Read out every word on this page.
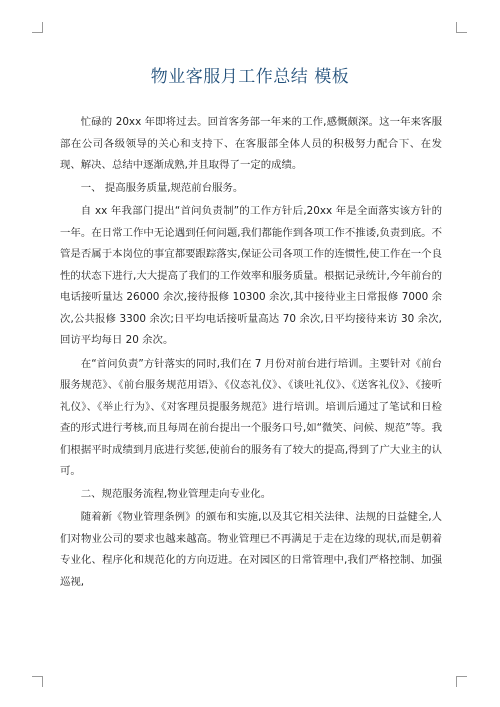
物业客服月工作总结 模板

忙碌的 20xx 年即将过去。回首客务部一年来的工作,感慨颇深。这一年来客服部在公司各级领导的关心和支持下、在客服部全体人员的积极努力配合下、在发现、解决、总结中逐渐成熟,并且取得了一定的成绩。

一、 提高服务质量,规范前台服务。

自 xx 年我部门提出“首问负责制”的工作方针后,20xx 年是全面落实该方针的一年。在日常工作中无论遇到任何问题,我们都能作到各项工作不推诿,负责到底。不管是否属于本岗位的事宜都要跟踪落实,保证公司各项工作的连惯性,使工作在一个良性的状态下进行,大大提高了我们的工作效率和服务质量。根据记录统计,今年前台的电话接听量达 26000 余次,接待报修 10300 余次,其中接待业主日常报修 7000 余次,公共报修 3300 余次;日平均电话接听量高达 70 余次,日平均接待来访 30 余次,回访平均每日 20 余次。

在“首问负责”方针落实的同时,我们在 7 月份对前台进行培训。主要针对《前台服务规范》、《前台服务规范用语》、《仪态礼仪》、《谈吐礼仪》、《送客礼仪》、《接听礼仪》、《举止行为》、《对客理员提服务规范》进行培训。培训后通过了笔试和日检查的形式进行考核,而且每周在前台提出一个服务口号,如“微笑、问候、规范”等。我们根据平时成绩到月底进行奖惩,使前台的服务有了较大的提高,得到了广大业主的认可。

二、规范服务流程,物业管理走向专业化。

随着新《物业管理条例》的颁布和实施,以及其它相关法律、法规的日益健全,人们对物业公司的要求也越来越高。物业管理已不再满足于走在边缘的现状,而是朝着专业化、程序化和规范化的方向迈进。在对园区的日常管理中,我们严格控制、加强巡视,
